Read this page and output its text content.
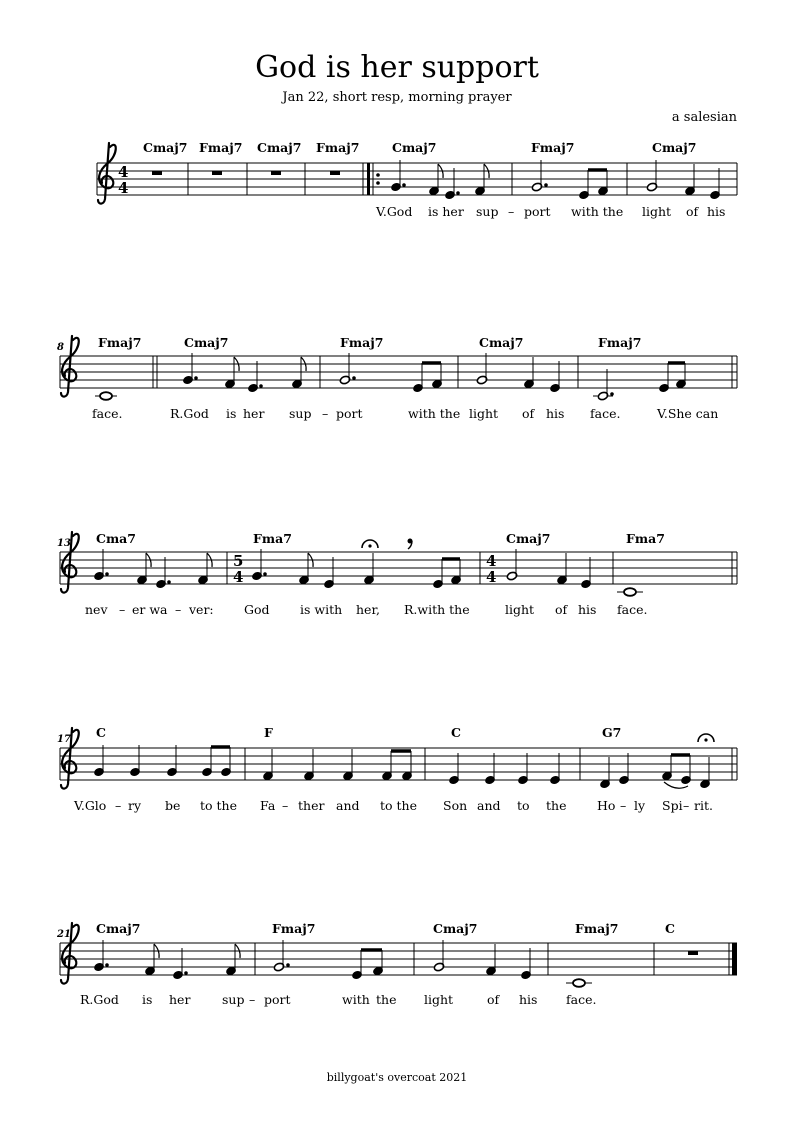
God is her support
Jan 22, short resp, morning prayer
a salesian
4
4
Cmaj7 Fmaj7 Cmaj7 Fmaj7	Cmaj7	Fmaj7	Cmaj7
V.God is her sup – port with the light of his
8	Fmaj7	Cmaj7	Fmaj7	Cmaj7	Fmaj7
face.	R.God is her sup – port	with the light of his face.	V.She can
13
5
4
4
4
Cma7	Fma7	Cmaj7	Fma7
nev – er wa – ver: God is with her, R.with the	light of his face.
17 C	F	C	G7
V.Glo – ry be to the Fa – ther and to the Son and to the Ho – ly Spi – rit.
21 Cmaj7	Fmaj7	Cmaj7	Fmaj7	C
R.God is her	sup – port	with the light	of his face.
billygoat's overcoat 2021
